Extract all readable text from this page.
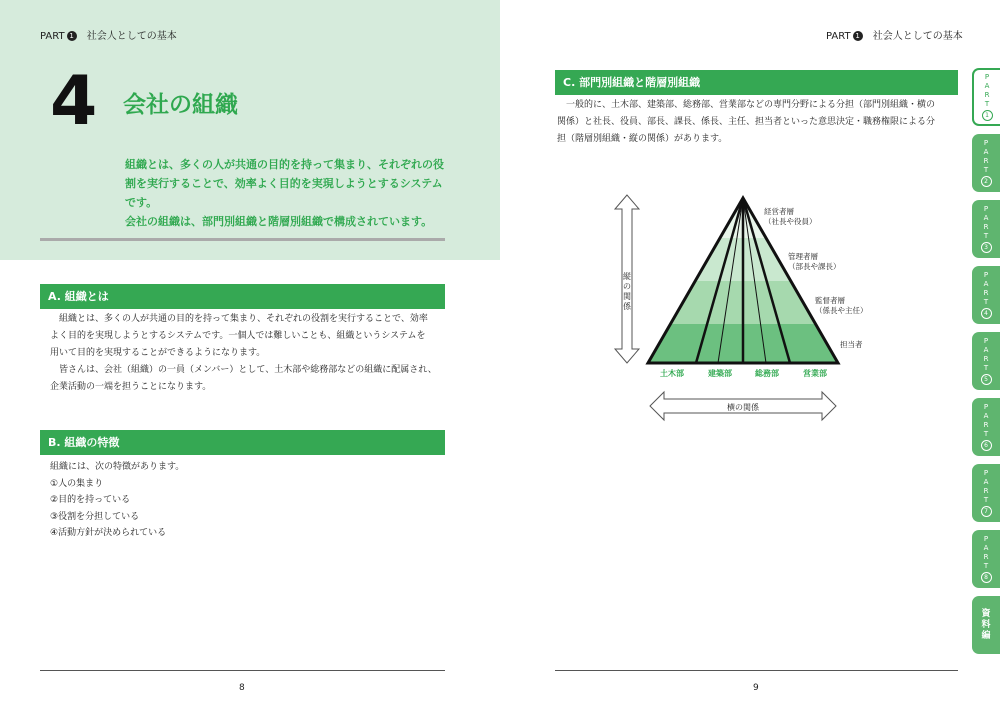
PART 1 社会人としての基本
4 会社の組織
組織とは、多くの人が共通の目的を持って集まり、それぞれの役
割を実行することで、効率よく目的を実現しようとするシステム
です。
会社の組織は、部門別組織と階層別組織で構成されています。
A. 組織とは
組織とは、多くの人が共通の目的を持って集まり、それぞれの役割を実行することで、効率
よく目的を実現しようとするシステムです。一個人では難しいことも、組織というシステムを
用いて目的を実現することができるようになります。
皆さんは、会社（組織）の一員（メンバー）として、土木部や総務部などの組織に配属され、
企業活動の一端を担うことになります。
B. 組織の特徴
組織には、次の特徴があります。
①人の集まり
②目的を持っている
③役割を分担している
④活動方針が決められている
8
PART 1 社会人としての基本
C. 部門別組織と階層別組織
一般的に、土木部、建築部、総務部、営業部などの専門分野による分担（部門別組織・横の
関係）と社長、役員、部長、課長、係長、主任、担当者といった意思決定・職務権限による分
担（階層別組織・縦の関係）があります。
縦の関係
経営者層
（社長や役員）
管理者層
（部長や課長）
監督者層
（係長や主任）
担当者
土木部	建築部	総務部	営業部
横の関係
9
P
A
R
T
1
P
A
R
T
2
P
A
R
T
3
P
A
R
T
4
P
A
R
T
5
P
A
R
T
6
P
A
R
T
7
P
A
R
T
8
資
料
編
